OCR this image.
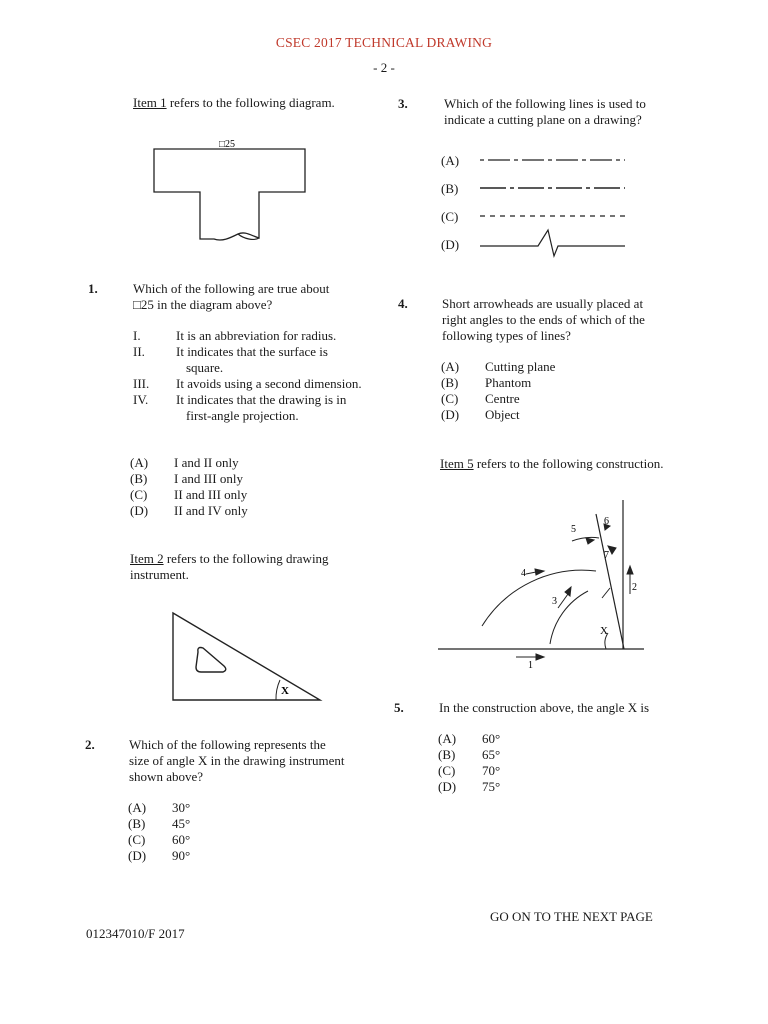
CSEC 2017 TECHNICAL DRAWING
- 2 -
Item 1 refers to the following diagram.
□25
1.	Which of the following are true about
□25 in the diagram above?
I.	It is an abbreviation for radius.
II. It indicates that the surface is
square.
III. It avoids using a second dimension.
IV. It indicates that the drawing is in
first-angle projection.
(A) I and II only
(B) I and III only
(C) II and III only
(D) II and IV only
Item 2 refers to the following drawing
instrument.
X
2.	Which of the following represents the
size of angle X in the drawing instrument
shown above?
(A) 30°
(B) 45°
(C) 60°
(D) 90°
3.	Which of the following lines is used to
indicate a cutting plane on a drawing?
(A)
(B)
(C)
(D)
4.	Short arrowheads are usually placed at
right angles to the ends of which of the
following types of lines?
(A) Cutting plane
(B) Phantom
(C) Centre
(D) Object
Item 5 refers to the following construction.
1
2
3
4
5
6
7
X
5.	In the construction above, the angle X is
(A) 60°
(B) 65°
(C) 70°
(D) 75°
GO ON TO THE NEXT PAGE
012347010/F 2017
